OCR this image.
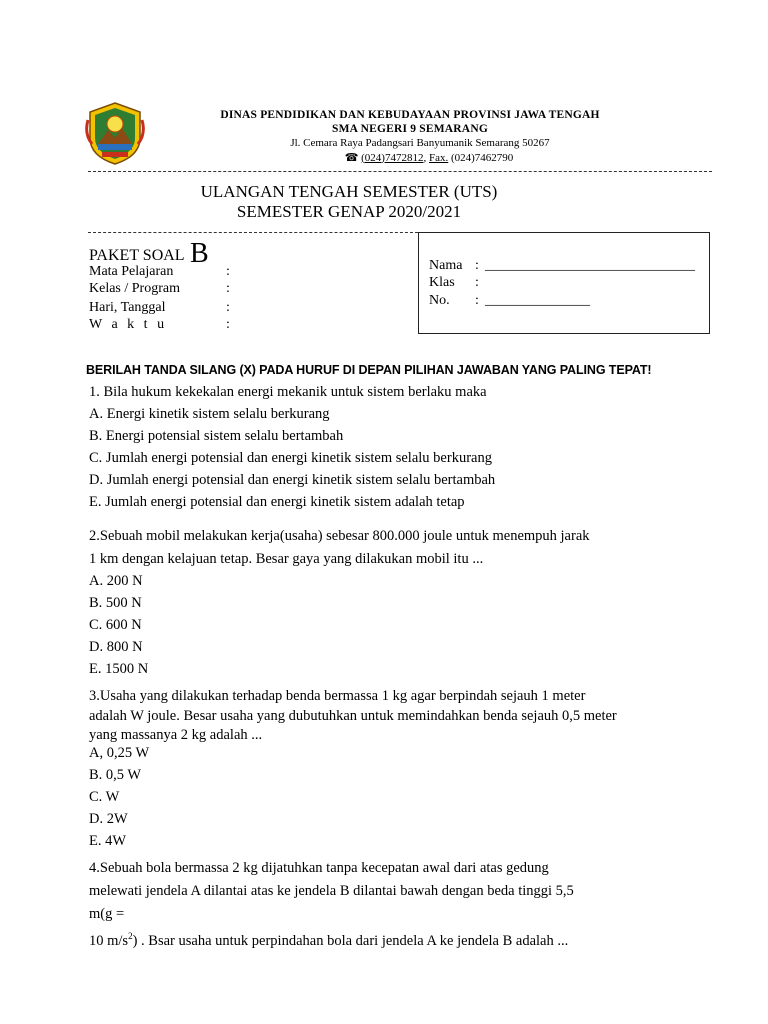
DINAS PENDIDIKAN DAN KEBUDAYAAN PROVINSI JAWA TENGAH
SMA NEGERI 9 SEMARANG
Jl. Cemara Raya Padangsari Banyumanik Semarang 50267
☎ (024)7472812, Fax. (024)7462790
ULANGAN TENGAH SEMESTER (UTS)
SEMESTER GENAP 2020/2021
PAKET SOAL B
Mata Pelajaran	:
Kelas / Program	:
Hari, Tanggal	:
W a k t u	:
Nama : ______________________________
Klas :
No. : _______________
BERILAH TANDA SILANG (X) PADA HURUF DI DEPAN PILIHAN JAWABAN YANG PALING TEPAT!
1. Bila hukum kekekalan energi mekanik untuk sistem berlaku maka
A. Energi kinetik sistem selalu berkurang
B. Energi potensial sistem selalu bertambah
C. Jumlah energi potensial dan energi kinetik sistem selalu berkurang
D. Jumlah energi potensial dan energi kinetik sistem selalu bertambah
E. Jumlah energi potensial dan energi kinetik sistem adalah tetap
2.Sebuah mobil melakukan kerja(usaha) sebesar 800.000 joule untuk menempuh jarak
1 km dengan kelajuan tetap. Besar gaya yang dilakukan mobil itu ...
A. 200 N
B. 500 N
C. 600 N
D. 800 N
E. 1500 N
3.Usaha yang dilakukan terhadap benda bermassa 1 kg agar berpindah sejauh 1 meter
adalah W joule. Besar usaha yang dubutuhkan untuk memindahkan benda sejauh 0,5 meter
yang massanya 2 kg adalah ...
A, 0,25 W
B. 0,5 W
C. W
D. 2W
E. 4W
4.Sebuah bola bermassa 2 kg dijatuhkan tanpa kecepatan awal dari atas gedung
melewati jendela A dilantai atas ke jendela B dilantai bawah dengan beda tinggi 5,5
m(g =
10 $m/s^2$) . Bsar usaha untuk perpindahan bola dari jendela A ke jendela B adalah ...
